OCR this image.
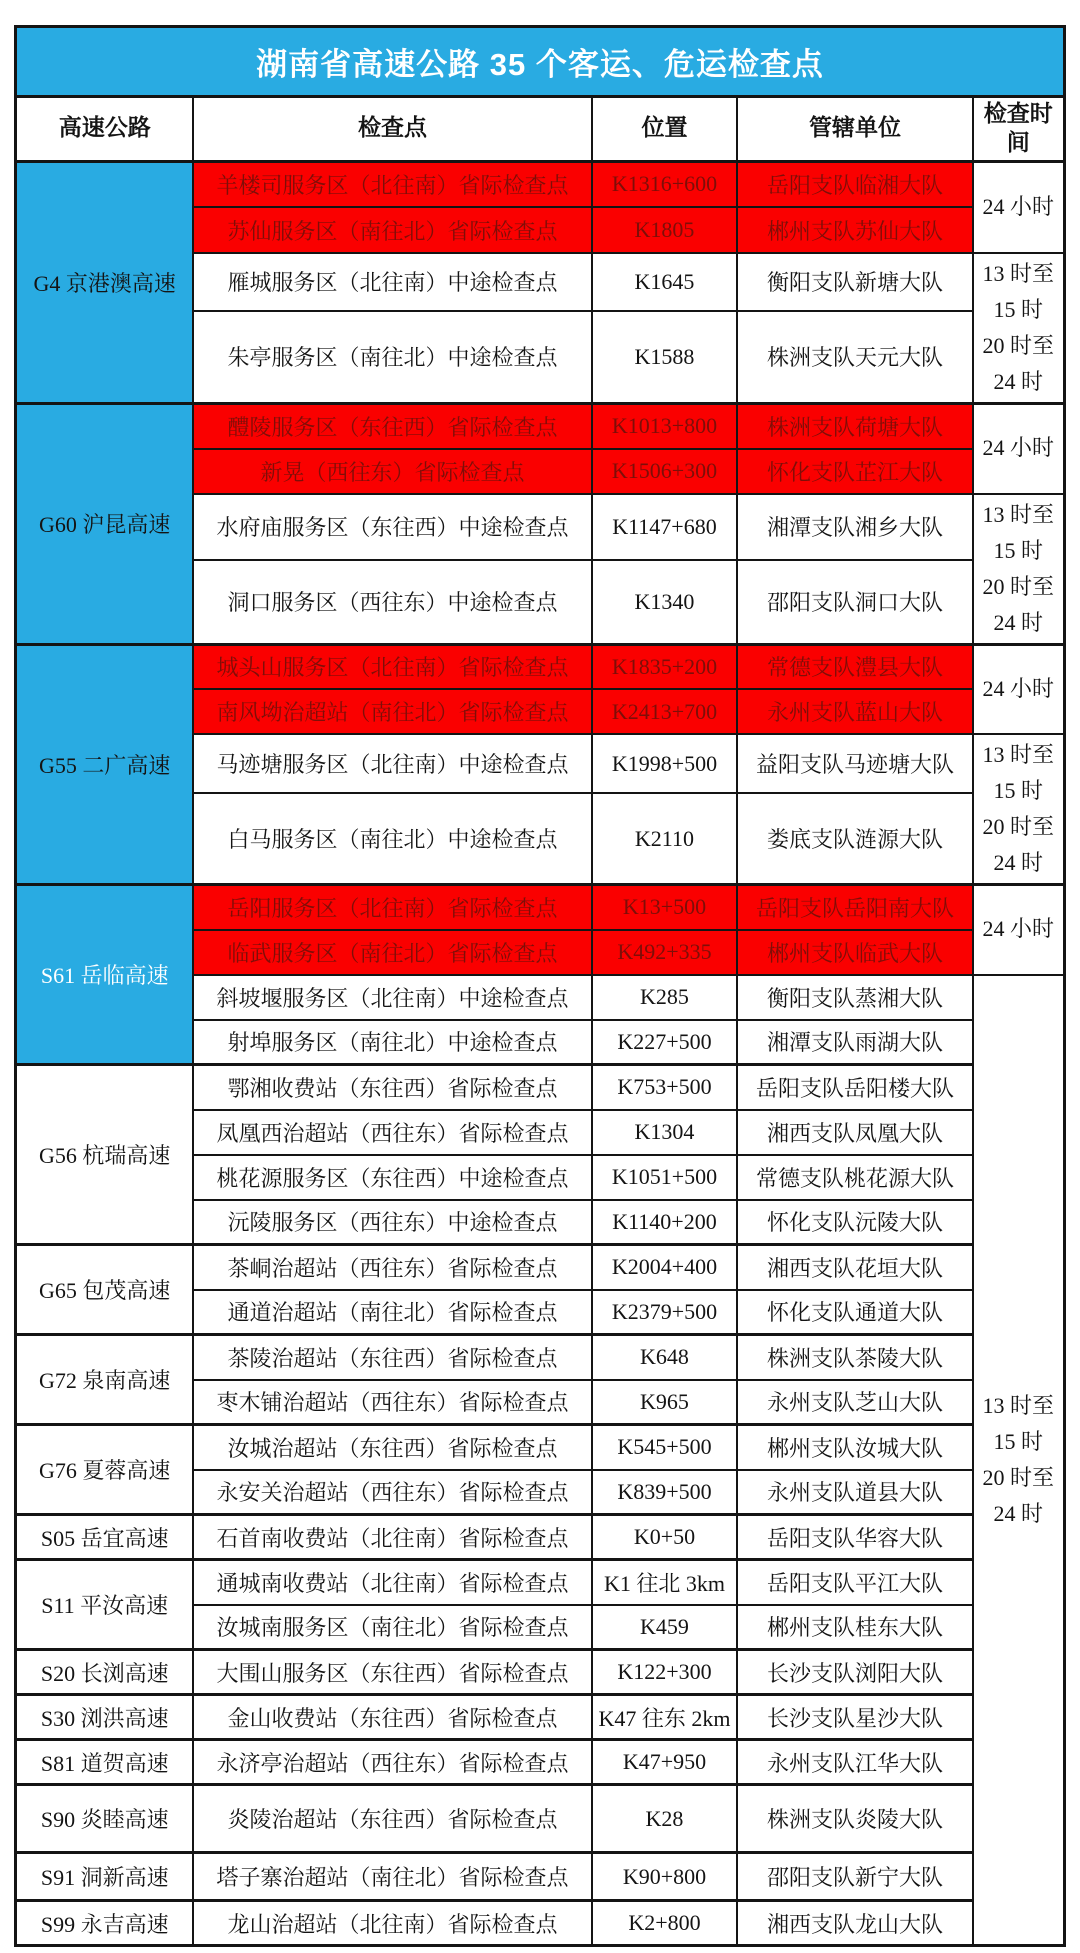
湖南省高速公路 35 个客运、危运检查点				
高速公路	检查点	位置	管辖单位	检查时间
G4 京港澳高速	羊楼司服务区（北往南）省际检查点	K1316+600	岳阳支队临湘大队	24 小时
	苏仙服务区（南往北）省际检查点	K1805	郴州支队苏仙大队	
	雁城服务区（北往南）中途检查点	K1645	衡阳支队新塘大队	13 时至
15 时
20 时至
24 时

	朱亭服务区（南往北）中途检查点	K1588	株洲支队天元大队	
G60 沪昆高速	醴陵服务区（东往西）省际检查点	K1013+800	株洲支队荷塘大队	24 小时
	新晃（西往东）省际检查点	K1506+300	怀化支队芷江大队	
	水府庙服务区（东往西）中途检查点	K1147+680	湘潭支队湘乡大队	13 时至
15 时
20 时至
24 时

	洞口服务区（西往东）中途检查点	K1340	邵阳支队洞口大队	
G55 二广高速	城头山服务区（北往南）省际检查点	K1835+200	常德支队澧县大队	24 小时
	南风坳治超站（南往北）省际检查点	K2413+700	永州支队蓝山大队	
	马迹塘服务区（北往南）中途检查点	K1998+500	益阳支队马迹塘大队	13 时至
15 时
20 时至
24 时

	白马服务区（南往北）中途检查点	K2110	娄底支队涟源大队	
S61 岳临高速	岳阳服务区（北往南）省际检查点	K13+500	岳阳支队岳阳南大队	24 小时
	临武服务区（南往北）省际检查点	K492+335	郴州支队临武大队	
	斜坡堰服务区（北往南）中途检查点	K285	衡阳支队蒸湘大队	13 时至
15 时
20 时至
24 时

	射埠服务区（南往北）中途检查点	K227+500	湘潭支队雨湖大队	
G56 杭瑞高速	鄂湘收费站（东往西）省际检查点	K753+500	岳阳支队岳阳楼大队	
	凤凰西治超站（西往东）省际检查点	K1304	湘西支队凤凰大队	
	桃花源服务区（东往西）中途检查点	K1051+500	常德支队桃花源大队	
	沅陵服务区（西往东）中途检查点	K1140+200	怀化支队沅陵大队	
G65 包茂高速	茶峒治超站（西往东）省际检查点	K2004+400	湘西支队花垣大队	
	通道治超站（南往北）省际检查点	K2379+500	怀化支队通道大队	
G72 泉南高速	茶陵治超站（东往西）省际检查点	K648	株洲支队茶陵大队	
	枣木铺治超站（西往东）省际检查点	K965	永州支队芝山大队	
G76 夏蓉高速	汝城治超站（东往西）省际检查点	K545+500	郴州支队汝城大队	
	永安关治超站（西往东）省际检查点	K839+500	永州支队道县大队	
S05 岳宜高速	石首南收费站（北往南）省际检查点	K0+50	岳阳支队华容大队	
S11 平汝高速	通城南收费站（北往南）省际检查点	K1 往北 3km	岳阳支队平江大队	
	汝城南服务区（南往北）省际检查点	K459	郴州支队桂东大队	
S20 长浏高速	大围山服务区（东往西）省际检查点	K122+300	长沙支队浏阳大队	
S30 浏洪高速	金山收费站（东往西）省际检查点	K47 往东 2km	长沙支队星沙大队	
S81 道贺高速	永济亭治超站（西往东）省际检查点	K47+950	永州支队江华大队	
S90 炎睦高速	炎陵治超站（东往西）省际检查点	K28	株洲支队炎陵大队	
S91 洞新高速	塔子寨治超站（南往北）省际检查点	K90+800	邵阳支队新宁大队	
S99 永吉高速	龙山治超站（北往南）省际检查点	K2+800	湘西支队龙山大队	
